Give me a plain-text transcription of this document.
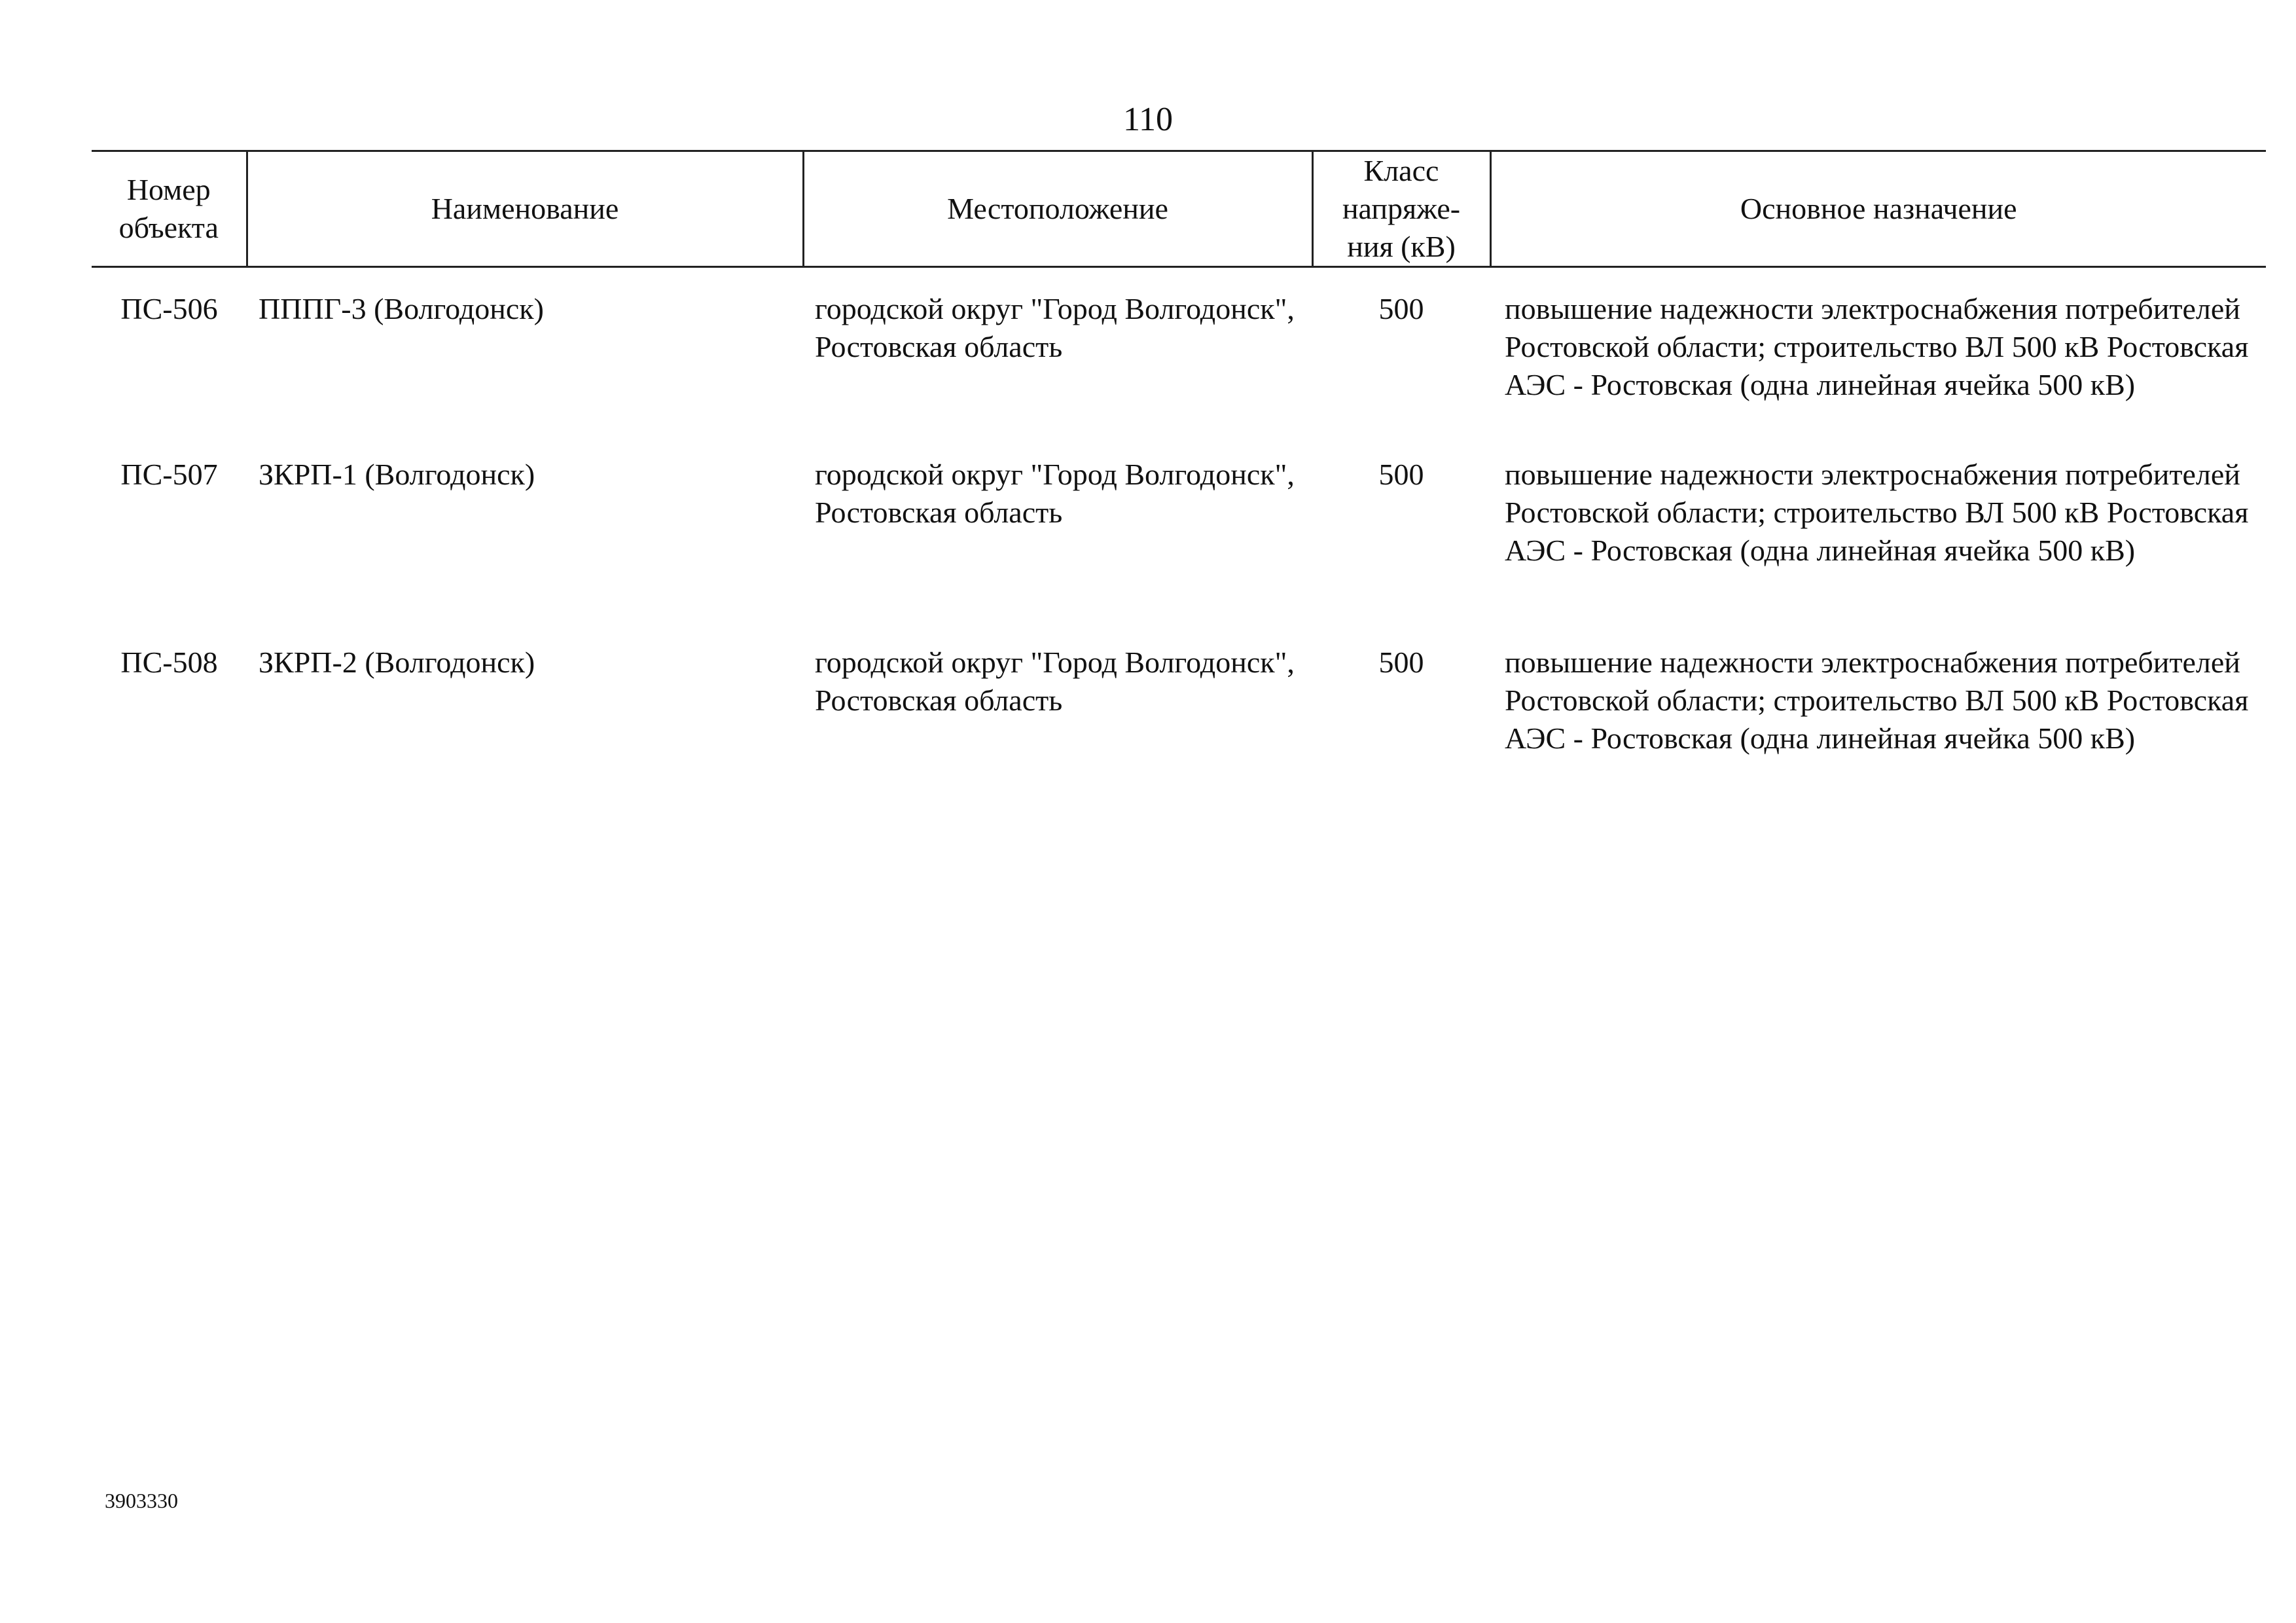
110
Номер объекта	Наименование	Местоположение	Класс напряже-ния (кВ)	Основное назначение
ПС-506	ПППГ-3 (Волгодонск)	городской округ "Город Волгодонск", Ростовская область	500	повышение надежности электроснабжения потребителей Ростовской области; строительство ВЛ 500 кВ Ростовская АЭС - Ростовская (одна линейная ячейка 500 кВ)
ПС-507	ЗКРП-1 (Волгодонск)	городской округ "Город Волгодонск", Ростовская область	500	повышение надежности электроснабжения потребителей Ростовской области; строительство ВЛ 500 кВ Ростовская АЭС - Ростовская (одна линейная ячейка 500 кВ)
ПС-508	ЗКРП-2 (Волгодонск)	городской округ "Город Волгодонск", Ростовская область	500	повышение надежности электроснабжения потребителей Ростовской области; строительство ВЛ 500 кВ Ростовская АЭС - Ростовская (одна линейная ячейка 500 кВ)
3903330
